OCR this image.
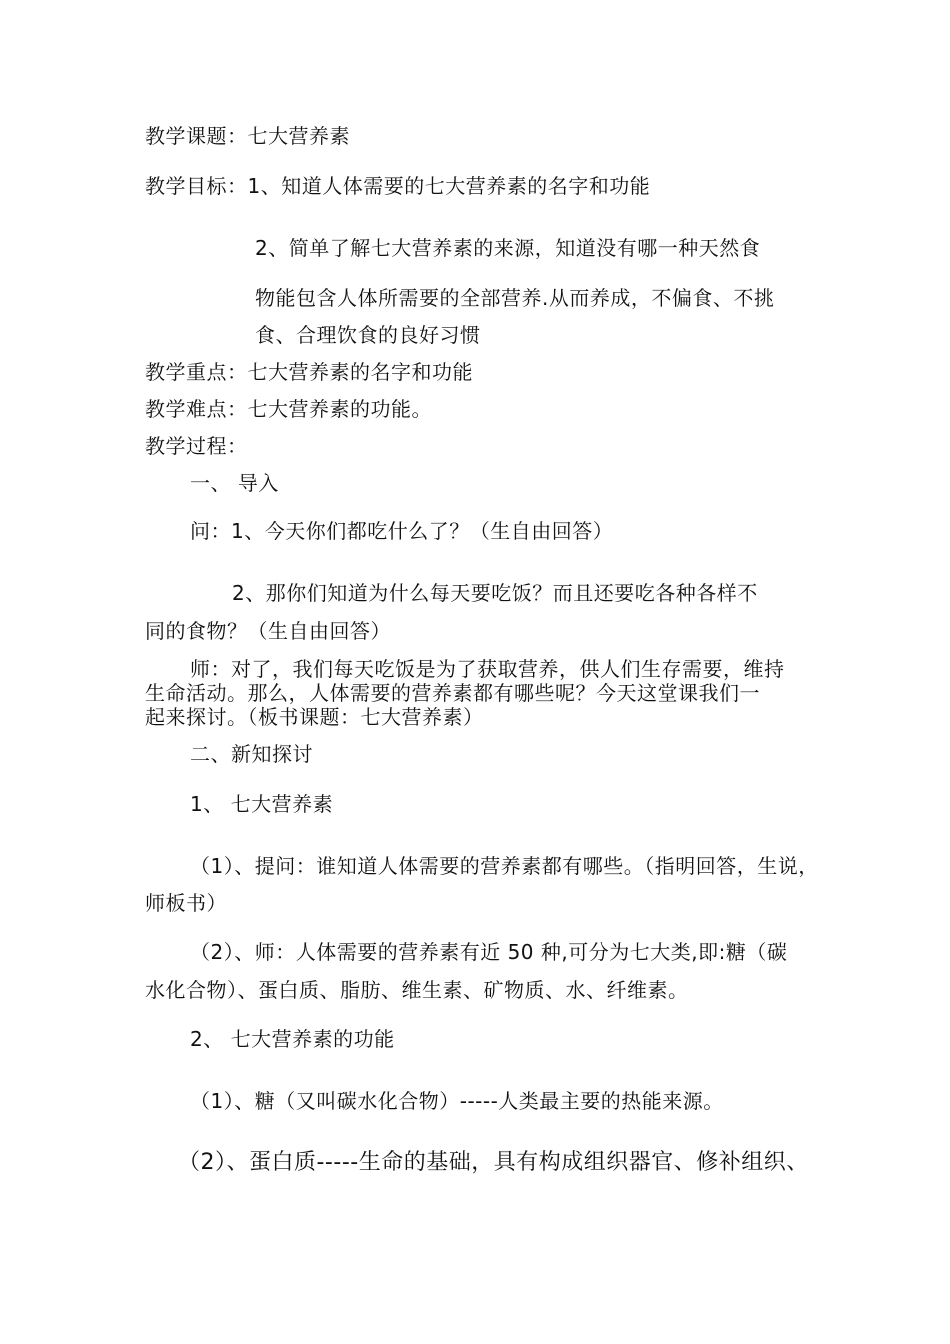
教学课题：七大营养素
教学目标：1、知道人体需要的七大营养素的名字和功能
2、简单了解七大营养素的来源，知道没有哪一种天然食
物能包含人体所需要的全部营养.从而养成，不偏食、不挑
食、合理饮食的良好习惯
教学重点：七大营养素的名字和功能
教学难点：七大营养素的功能。
教学过程：
一、 导入
问：1、今天你们都吃什么了？（生自由回答）
2、那你们知道为什么每天要吃饭？而且还要吃各种各样不
同的食物？（生自由回答）
师：对了，我们每天吃饭是为了获取营养，供人们生存需要，维持
生命活动。那么，人体需要的营养素都有哪些呢？今天这堂课我们一
起来探讨。（板书课题：七大营养素）
二、新知探讨
1、 七大营养素
（1）、提问：谁知道人体需要的营养素都有哪些。（指明回答，生说，
师板书）
（2）、师：人体需要的营养素有近 50 种,可分为七大类,即:糖（碳
水化合物）、蛋白质、脂肪、维生素、矿物质、水、纤维素。
2、 七大营养素的功能
（1）、糖（又叫碳水化合物）-----人类最主要的热能来源。
（2）、蛋白质-----生命的基础，具有构成组织器官、修补组织、
